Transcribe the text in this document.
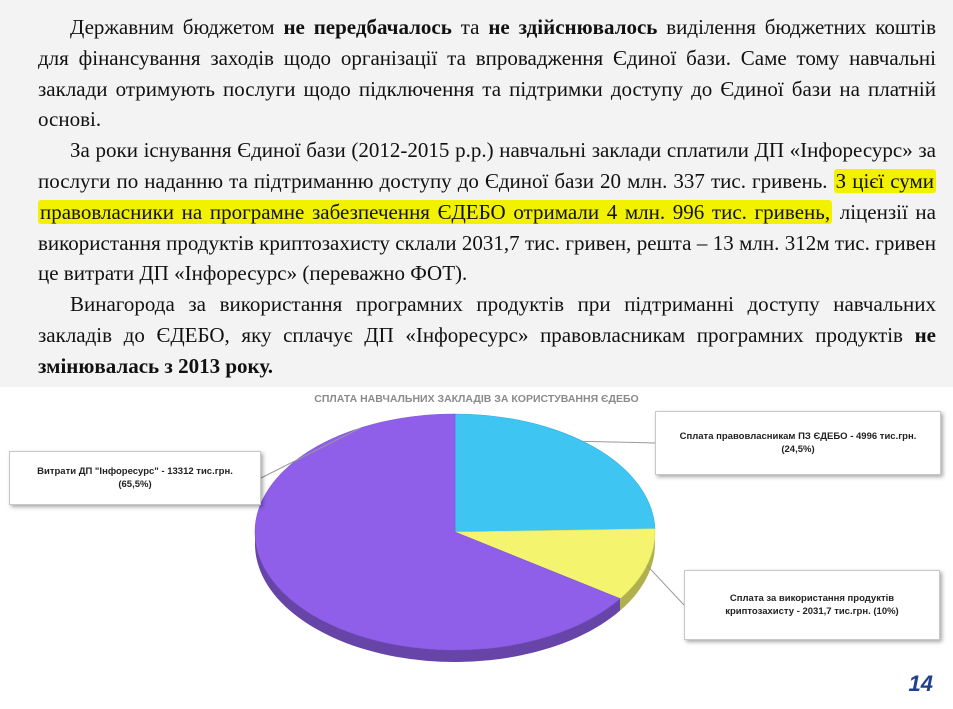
Державним бюджетом не передбачалось та не здійснювалось виділення бюджетних коштів для фінансування заходів щодо організації та впровадження Єдиної бази. Саме тому навчальні заклади отримують послуги щодо підключення та підтримки доступу до Єдиної бази на платній основі.

За роки існування Єдиної бази (2012-2015 р.р.) навчальні заклади сплатили ДП «Інфоресурс» за послуги по наданню та підтриманню доступу до Єдиної бази 20 млн. 337 тис. гривень. З цієї суми правовласники на програмне забезпечення ЄДЕБО отримали 4 млн. 996 тис. гривень, ліцензії на використання продуктів криптозахисту склали 2031,7 тис. гривен, решта – 13 млн. 312м тис. гривен це витрати ДП «Інфоресурс» (переважно ФОТ).

Винагорода за використання програмних продуктів при підтриманні доступу навчальних закладів до ЄДЕБО, яку сплачує ДП «Інфоресурс» правовласникам програмних продуктів не змінювалась з 2013 року.

СПЛАТА НАВЧАЛЬНИХ ЗАКЛАДІВ ЗА КОРИСТУВАННЯ ЄДЕБО
Сплата правовласникам ПЗ ЄДЕБО - 4996 тис.грн.
(24,5%)
Сплата за використання продуктів
криптозахисту - 2031,7 тис.грн. (10%)
Витрати ДП "Інфоресурс" - 13312 тис.грн.
(65,5%)
14
